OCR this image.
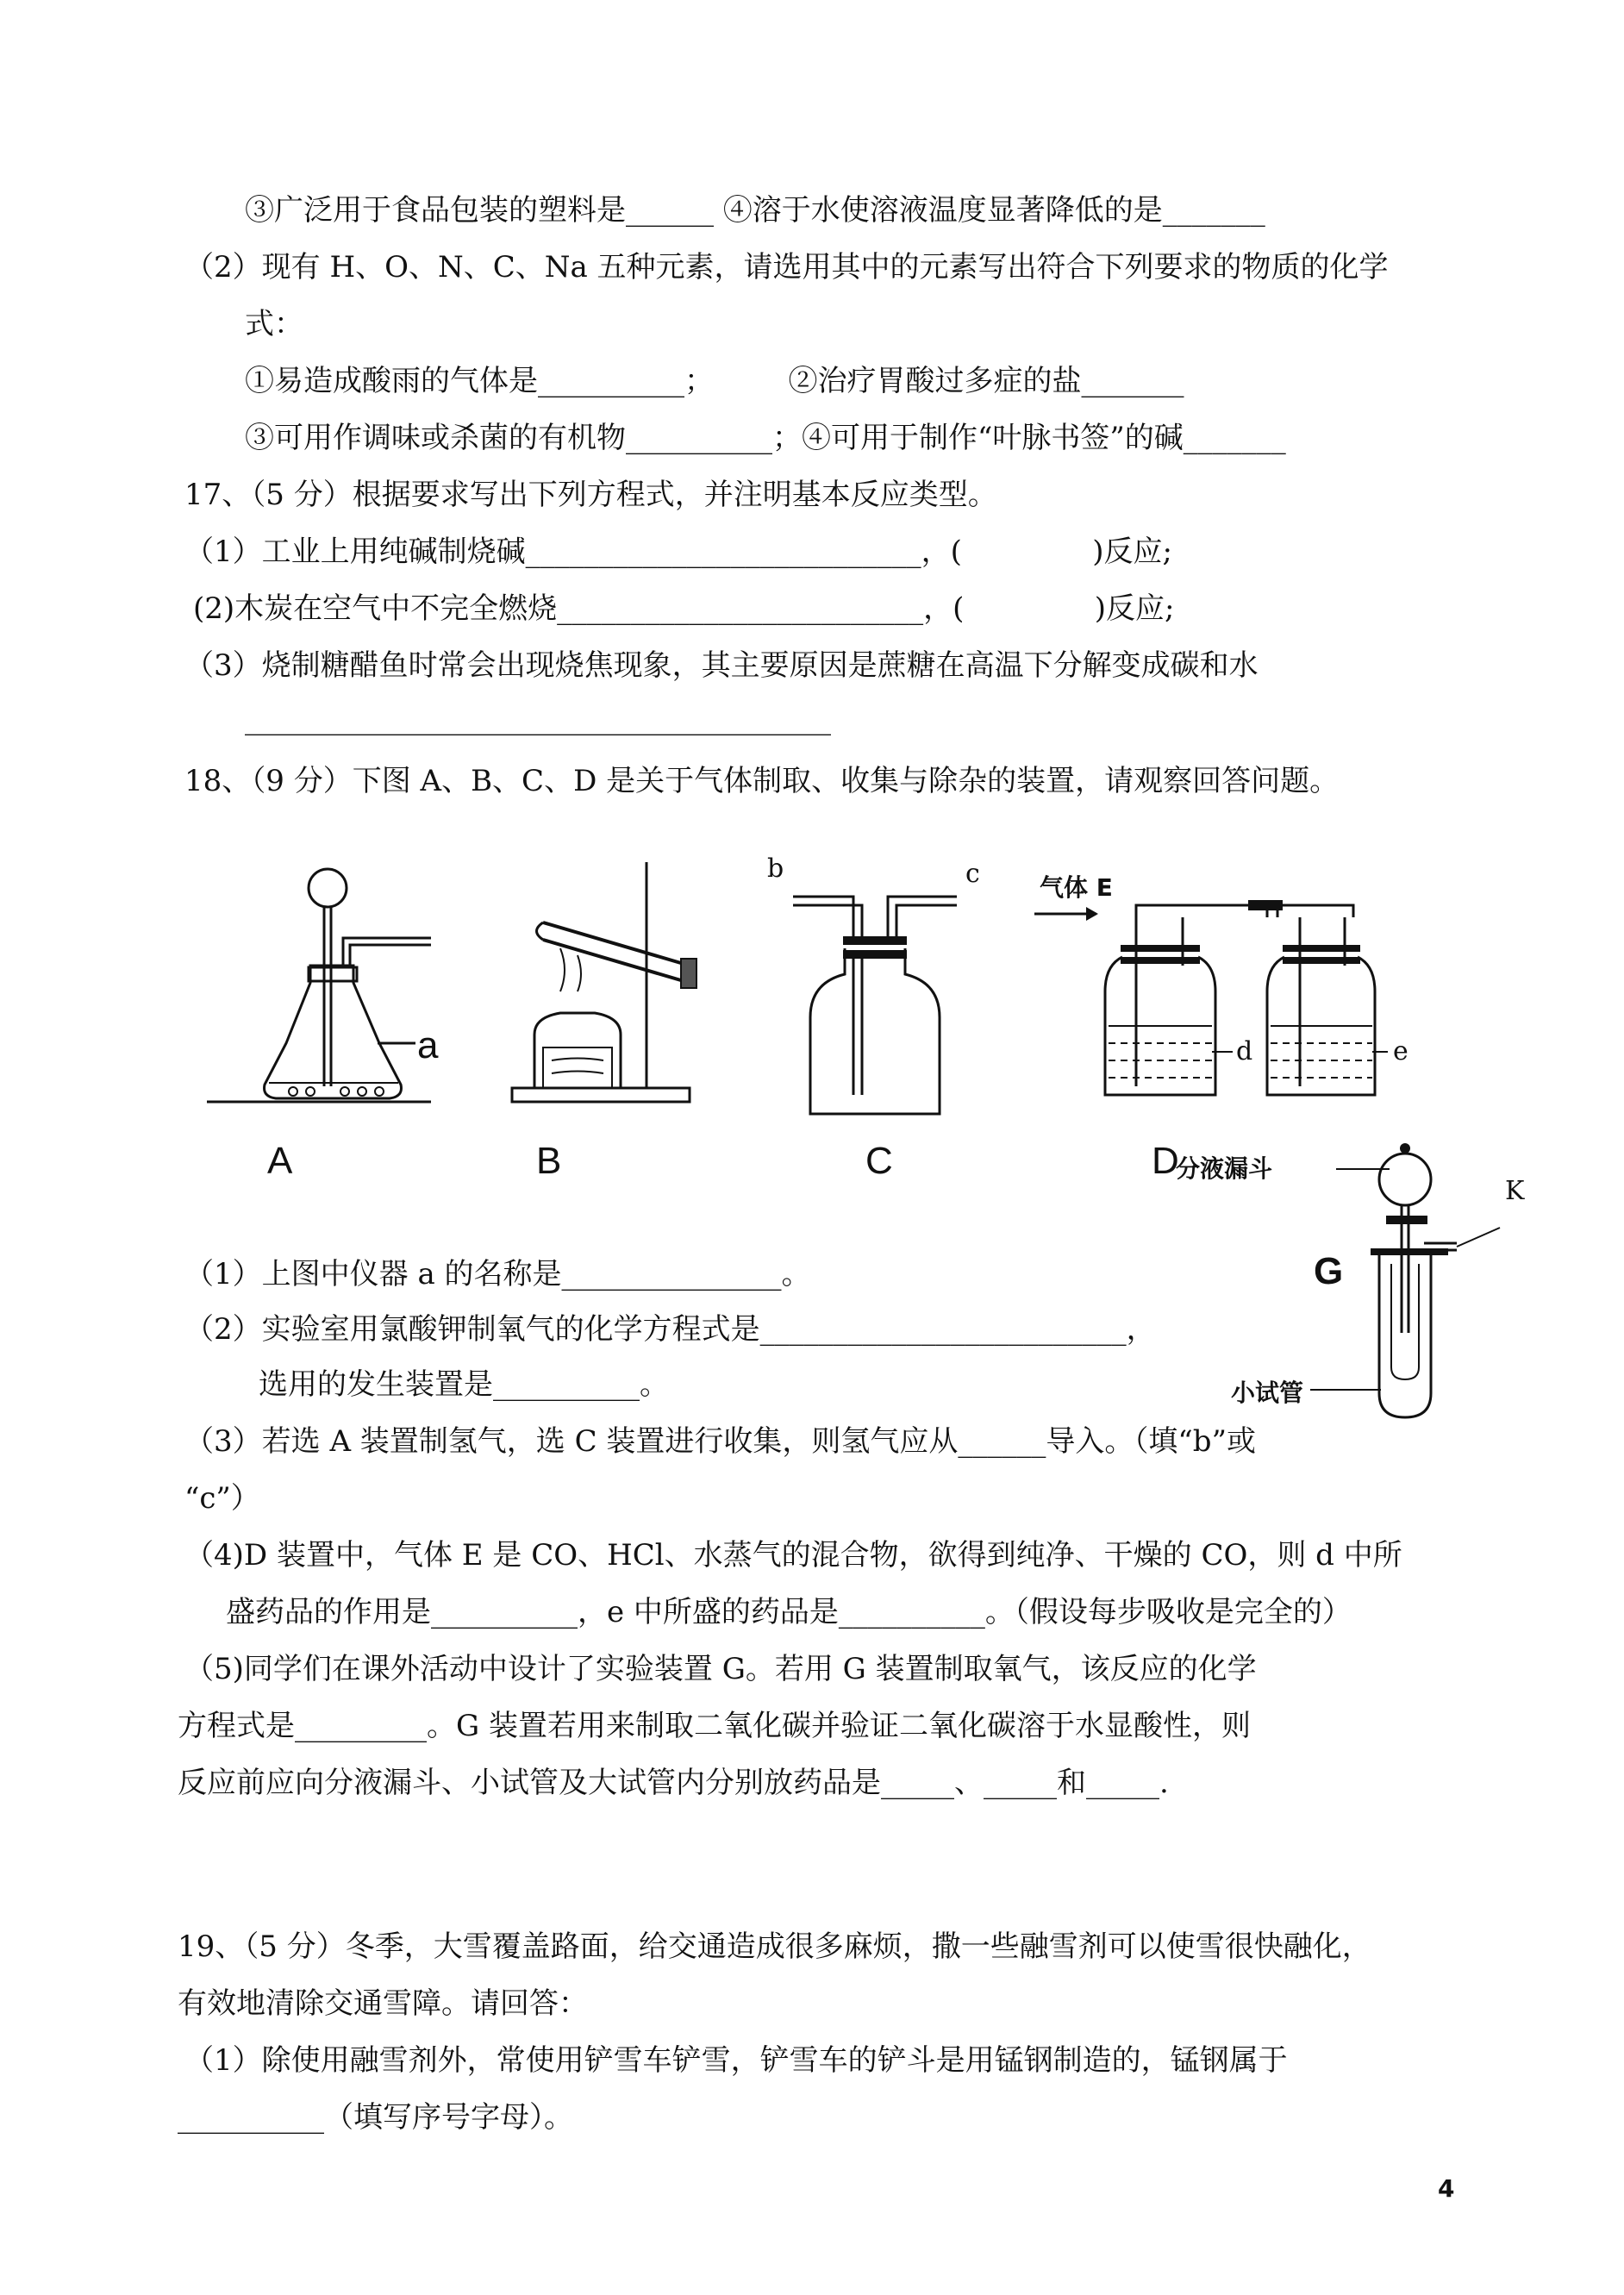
③广泛用于食品包装的塑料是______ ④溶于水使溶液温度显著降低的是_______
（2）现有 H、O、N、C、Na 五种元素，请选用其中的元素写出符合下列要求的物质的化学
式：
①易造成酸雨的气体是__________；        ②治疗胃酸过多症的盐_______
③可用作调味或杀菌的有机物__________；④可用于制作“叶脉书签”的碱_______
17、（5 分）根据要求写出下列方程式，并注明基本反应类型。
（1）工业上用纯碱制烧碱___________________________，(              )反应;
(2)木炭在空气中不完全燃烧_________________________，(              )反应;
（3）烧制糖醋鱼时常会出现烧焦现象，其主要原因是蔗糖在高温下分解变成碳和水
________________________________________
18、（9 分）下图 A、B、C、D 是关于气体制取、收集与除杂的装置，请观察回答问题。
a
A	B
b	c
C
气体 E
d	e
D
分液漏斗
K
G
小试管
（1）上图中仪器 a 的名称是_______________。
（2）实验室用氯酸钾制氧气的化学方程式是_________________________，
选用的发生装置是__________。
（3）若选 A 装置制氢气，选 C 装置进行收集，则氢气应从______导入。（填“b”或
“c”）
（4)D 装置中，气体 E 是 CO、HCl、水蒸气的混合物，欲得到纯净、干燥的 CO，则 d 中所
盛药品的作用是__________，e 中所盛的药品是__________。（假设每步吸收是完全的）
（5)同学们在课外活动中设计了实验装置 G。若用 G 装置制取氧气，该反应的化学
方程式是_________。G 装置若用来制取二氧化碳并验证二氧化碳溶于水显酸性，则
反应前应向分液漏斗、小试管及大试管内分别放药品是_____、_____和_____.
19、（5 分）冬季，大雪覆盖路面，给交通造成很多麻烦，撒一些融雪剂可以使雪很快融化，
有效地清除交通雪障。请回答：
（1）除使用融雪剂外，常使用铲雪车铲雪，铲雪车的铲斗是用锰钢制造的，锰钢属于
__________（填写序号字母）。
4
